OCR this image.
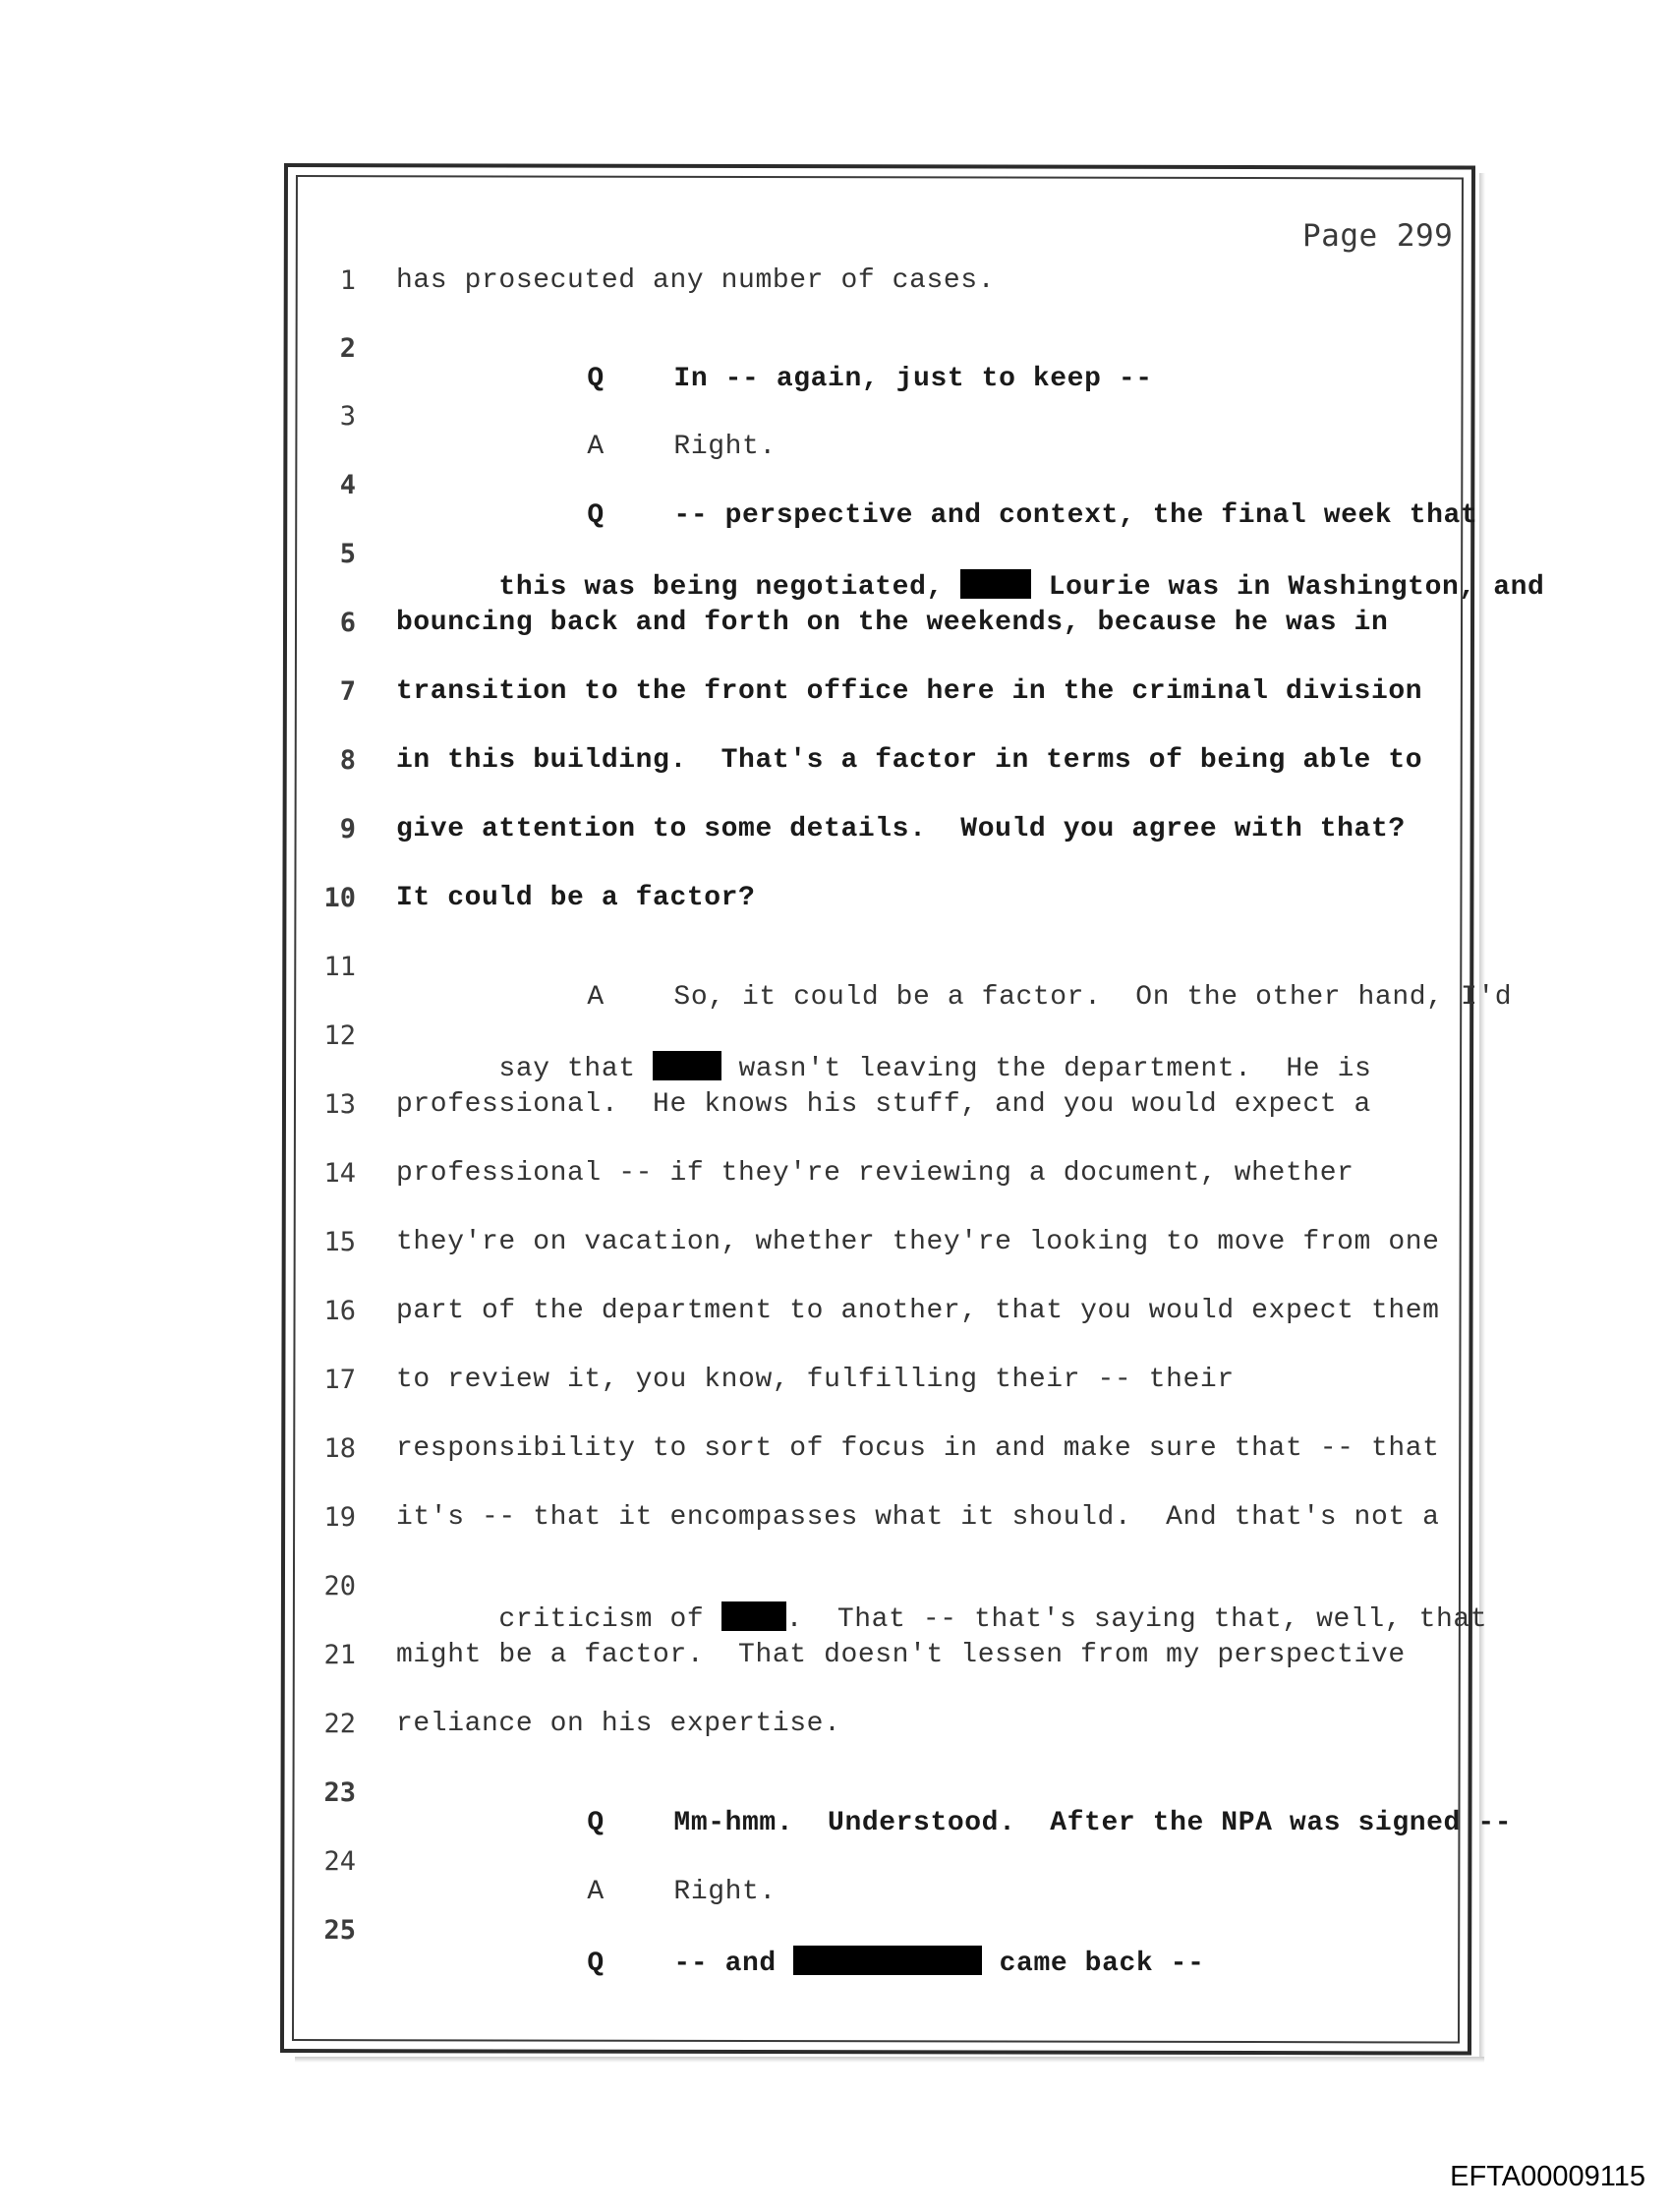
Page 299

1

has prosecuted any number of cases.

2

Q	In -- again, just to keep --

3

A	Right.

4

Q	-- perspective and context, the final week that

5

this was being negotiated,	Lourie was in Washington, and

6

bouncing back and forth on the weekends, because he was in

7

transition to the front office here in the criminal division

8

in this building.  That's a factor in terms of being able to

9

give attention to some details.  Would you agree with that?

10

It could be a factor?

11

A	So, it could be a factor.  On the other hand, I'd

12

say that	wasn't leaving the department.  He is

13

professional.  He knows his stuff, and you would expect a

14

professional -- if they're reviewing a document, whether

15

they're on vacation, whether they're looking to move from one

16

part of the department to another, that you would expect them

17

to review it, you know, fulfilling their -- their

18

responsibility to sort of focus in and make sure that -- that

19

it's -- that it encompasses what it should.  And that's not a

20

criticism of	.  That -- that's saying that, well, that

21

might be a factor.  That doesn't lessen from my perspective

22

reliance on his expertise.

23

Q	Mm-hmm.  Understood.  After the NPA was signed --

24

A	Right.

25

Q	-- and	came back --

EFTA00009115
